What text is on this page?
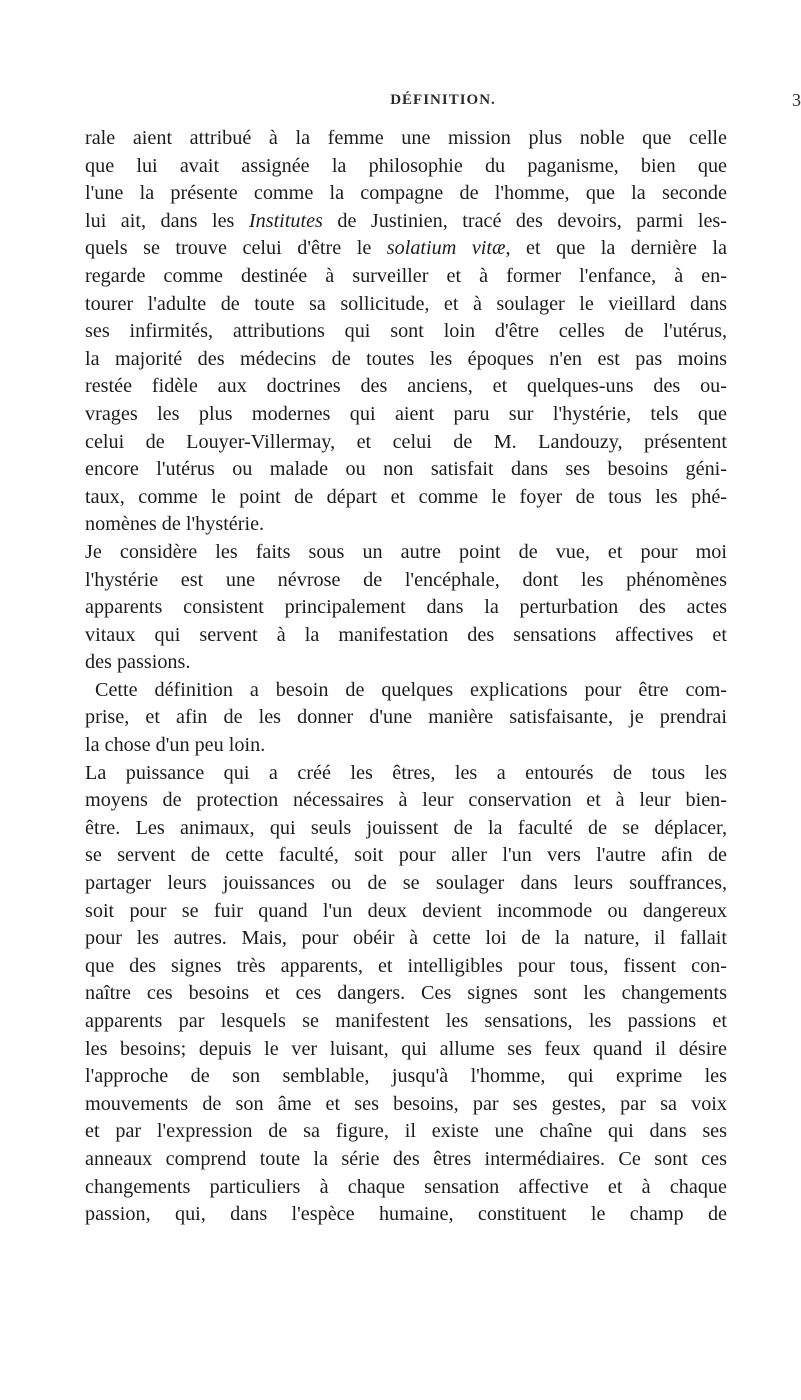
DÉFINITION.	3
rale aient attribué à la femme une mission plus noble que celle
que lui avait assignée la philosophie du paganisme, bien que
l'une la présente comme la compagne de l'homme, que la seconde
lui ait, dans les Institutes de Justinien, tracé des devoirs, parmi les-
quels se trouve celui d'être le solatium vitæ, et que la dernière la
regarde comme destinée à surveiller et à former l'enfance, à en-
tourer l'adulte de toute sa sollicitude, et à soulager le vieillard dans
ses infirmités, attributions qui sont loin d'être celles de l'utérus,
la majorité des médecins de toutes les époques n'en est pas moins
restée fidèle aux doctrines des anciens, et quelques-uns des ou-
vrages les plus modernes qui aient paru sur l'hystérie, tels que
celui de Louyer-Villermay, et celui de M. Landouzy, présentent
encore l'utérus ou malade ou non satisfait dans ses besoins géni-
taux, comme le point de départ et comme le foyer de tous les phé-
nomènes de l'hystérie.
Je considère les faits sous un autre point de vue, et pour moi
l'hystérie est une névrose de l'encéphale, dont les phénomènes
apparents consistent principalement dans la perturbation des actes
vitaux qui servent à la manifestation des sensations affectives et
des passions.
Cette définition a besoin de quelques explications pour être com-
prise, et afin de les donner d'une manière satisfaisante, je prendrai
la chose d'un peu loin.
La puissance qui a créé les êtres, les a entourés de tous les
moyens de protection nécessaires à leur conservation et à leur bien-
être. Les animaux, qui seuls jouissent de la faculté de se déplacer,
se servent de cette faculté, soit pour aller l'un vers l'autre afin de
partager leurs jouissances ou de se soulager dans leurs souffrances,
soit pour se fuir quand l'un deux devient incommode ou dangereux
pour les autres. Mais, pour obéir à cette loi de la nature, il fallait
que des signes très apparents, et intelligibles pour tous, fissent con-
naître ces besoins et ces dangers. Ces signes sont les changements
apparents par lesquels se manifestent les sensations, les passions et
les besoins; depuis le ver luisant, qui allume ses feux quand il désire
l'approche de son semblable, jusqu'à l'homme, qui exprime les
mouvements de son âme et ses besoins, par ses gestes, par sa voix
et par l'expression de sa figure, il existe une chaîne qui dans ses
anneaux comprend toute la série des êtres intermédiaires. Ce sont ces
changements particuliers à chaque sensation affective et à chaque
passion, qui, dans l'espèce humaine, constituent le champ de
